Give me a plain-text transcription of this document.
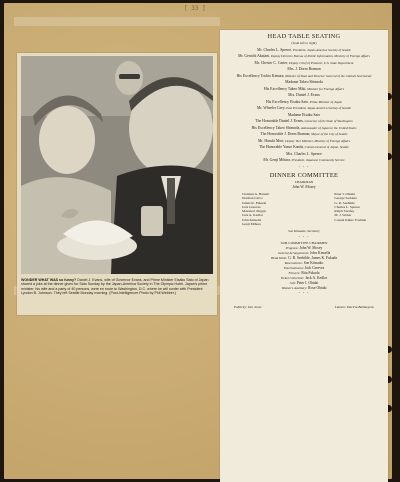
[ 33 ]

WONDER WHAT WAS so funny? Daniel J. Evans, wife of Governor Evans, and Prime Minister Eisaku Sato of Japan shared a joke at the dinner given for Sato Sunday by the Japan-America Society in The Olympic Hotel. Japan's prime minister, his wife and a party of 40 persons, were en route to Washington, D.C. where he will confer with President Lyndon B. Johnson. They left Seattle Monday morning. (Post-Intelligencer Photo by Phil Webber.)

HEAD TABLE SEATING
(from left to right)
Mr. Charles L. Spence, President, Japan-America Society of Seattle
Mr. Genichi Akatani, Deputy Director, Bureau of Public Information, Ministry of Foreign Affairs
Mr. Chester C. Carter, Deputy Chief of Protocol, U.S. State Department
Mrs. J. Dorm Braman
His Excellency Toshio Kimura, Minister of State and Director General of the Cabinet Secretariat
Madame Takeo Shimoda
His Excellency Takeo Miki, Minister for Foreign Affairs
Mrs. Daniel J. Evans
His Excellency Eisaku Sato, Prime Minister of Japan
Mr. Wheeler Grey, Past President, Japan-America Society of Seattle
Madame Eisaku Sato
The Honorable Daniel J. Evans, Governor of the State of Washington
His Excellency Takeo Shimoda, Ambassador of Japan to the United States
The Honorable J. Dorm Braman, Mayor of the City of Seattle
Mr. Haruki Mori, Deputy Vice Minister, Ministry of Foreign Affairs
The Honorable Yasuo Kanda, Consul-General of Japan, Seattle
Mrs. Charles L. Spence
Mr. Genji Mihara, President, Japanese Community Service
* * *
DINNER COMMITTEE
CHAIRMAN
John W. Mosey
Clement A. Barnett
Norman Calvo
James K. Fukuda
Jack Greeves
Masanori Jinguji
Jack A. Kedlor
John Kinsella
Genji Mihara
Peter I. Ohtaki
George Sadoula
G. R. Seehilde
Charles L. Spence
Ralph Swafey
M. J. Weber
Consul Kikuo Yoshida
Sue Kitasako, Secretary
* * *
SUB-COMMITTEE CHAIRMEN
Program: John W. Mosey
General Arrangements: John Kinsella
Head Table: G. R. Seehilde, James K. Fukuda
Reservations: Sue Kitasako
Entertainment: Jack Greeves
Flowers: Rita Fukuda
Ticket Collection: Jack A. Kedlor
Gift: Peter I. Ohtaki
Women's Auxiliary: Rose Ohtaki
* * *
Publicity: Dee Jones	Liaison: Patricia Baillargeon
